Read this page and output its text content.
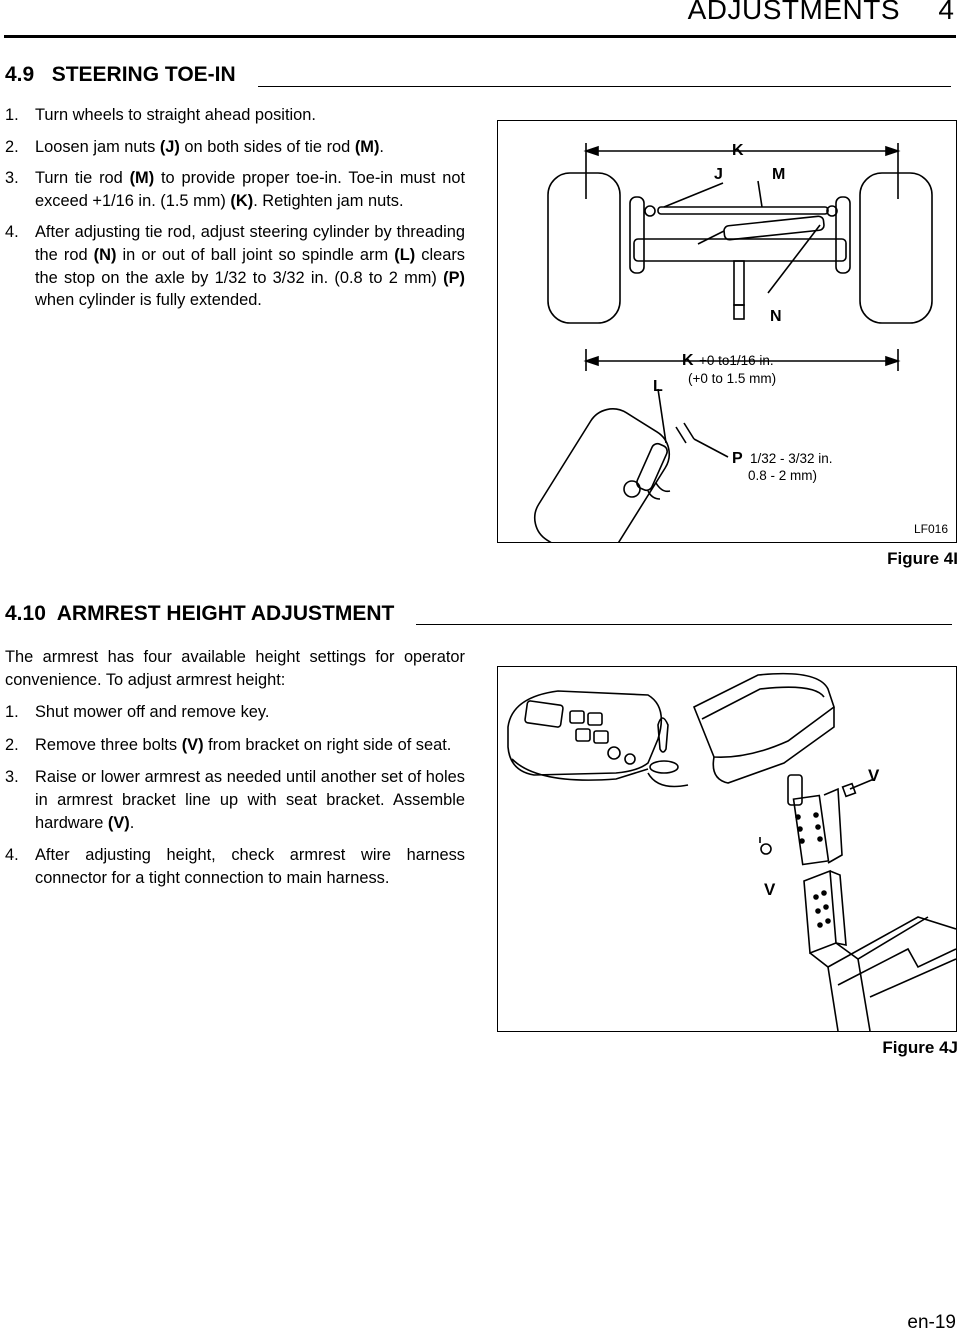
ADJUSTMENTS 4
4.9   STEERING TOE-IN
1. Turn wheels to straight ahead position.
2. Loosen jam nuts (J) on both sides of tie rod (M).
3. Turn tie rod (M) to provide proper toe-in. Toe-in must not exceed +1/16 in. (1.5 mm) (K). Retighten jam nuts.
4. After adjusting tie rod, adjust steering cylinder by threading the rod (N) in or out of ball joint so spindle arm (L) clears the stop on the axle by 1/32 to 3/32 in. (0.8 to 2 mm) (P) when cylinder is fully extended.
K
J	M
N
L
K
P
+0 to1/16 in.
(+0 to 1.5 mm)
1/32 - 3/32 in.
0.8 - 2 mm)
LF016
Figure 4I
4.10  ARMREST HEIGHT ADJUSTMENT
The armrest has four available height settings for operator convenience. To adjust armrest height:
1. Shut mower off and remove key.
2. Remove three bolts (V) from bracket on right side of seat.
3. Raise or lower armrest as needed until another set of holes in armrest bracket line up with seat bracket. Assemble hardware (V).
4. After adjusting height, check armrest wire harness connector for a tight connection to main harness.
V
V
Figure 4J
en-19
